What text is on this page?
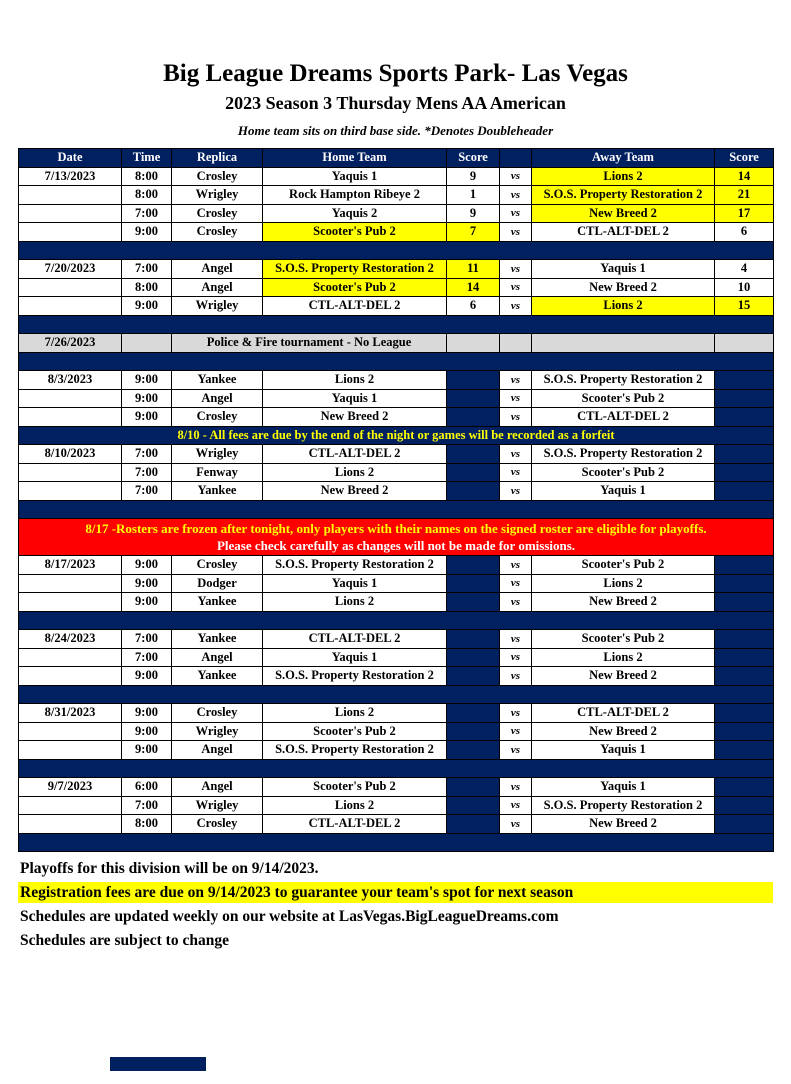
Big League Dreams Sports Park- Las Vegas
2023 Season 3 Thursday Mens AA American
Home team sits on third base side. *Denotes Doubleheader
Date	Time	Replica	Home Team	Score	Away Team	Score
7/13/2023	8:00	Crosley	Yaquis 1	9	vs	Lions 2	14
8:00	Wrigley	Rock Hampton Ribeye 2	1	vs	S.O.S. Property Restoration 2	21
7:00	Crosley	Yaquis 2	9	vs	New Breed 2	17
9:00	Crosley	Scooter's Pub 2	7	vs	CTL-ALT-DEL 2	6
7/20/2023	7:00	Angel	S.O.S. Property Restoration 2	11	vs	Yaquis 1	4
8:00	Angel	Scooter's Pub 2	14	vs	New Breed 2	10
9:00	Wrigley	CTL-ALT-DEL 2	6	vs	Lions 2	15
7/26/2023	Police & Fire tournament - No League
8/3/2023	9:00	Yankee	Lions 2	vs	S.O.S. Property Restoration 2
9:00	Angel	Yaquis 1	vs	Scooter's Pub 2
9:00	Crosley	New Breed 2	vs	CTL-ALT-DEL 2
8/10 - All fees are due by the end of the night or games will be recorded as a forfeit
8/10/2023	7:00	Wrigley	CTL-ALT-DEL 2	vs	S.O.S. Property Restoration 2
7:00	Fenway	Lions 2	vs	Scooter's Pub 2
7:00	Yankee	New Breed 2	vs	Yaquis 1
8/17 -Rosters are frozen after tonight, only players with their names on the signed roster are eligible for playoffs.
Please check carefully as changes will not be made for omissions.
8/17/2023	9:00	Crosley	S.O.S. Property Restoration 2	vs	Scooter's Pub 2
9:00	Dodger	Yaquis 1	vs	Lions 2
9:00	Yankee	Lions 2	vs	New Breed 2
8/24/2023	7:00	Yankee	CTL-ALT-DEL 2	vs	Scooter's Pub 2
7:00	Angel	Yaquis 1	vs	Lions 2
9:00	Yankee	S.O.S. Property Restoration 2	vs	New Breed 2
8/31/2023	9:00	Crosley	Lions 2	vs	CTL-ALT-DEL 2
9:00	Wrigley	Scooter's Pub 2	vs	New Breed 2
9:00	Angel	S.O.S. Property Restoration 2	vs	Yaquis 1
9/7/2023	6:00	Angel	Scooter's Pub 2	vs	Yaquis 1
7:00	Wrigley	Lions 2	vs	S.O.S. Property Restoration 2
8:00	Crosley	CTL-ALT-DEL 2	vs	New Breed 2
Playoffs for this division will be on 9/14/2023.
Registration fees are due on 9/14/2023 to guarantee your team's spot for next season
Schedules are updated weekly on our website at LasVegas.BigLeagueDreams.com
Schedules are subject to change
